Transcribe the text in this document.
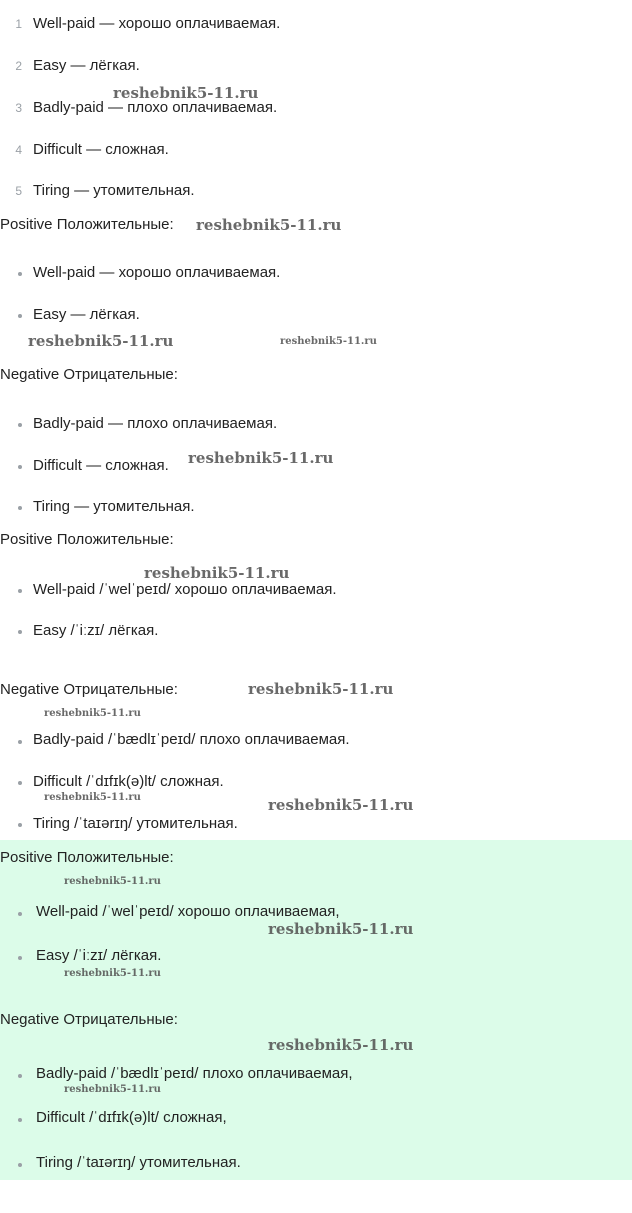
1 Well-paid — хорошо оплачиваемая.
2 Easy — лёгкая.
3 Badly-paid — плохо оплачиваемая.
4 Difficult — сложная.
5 Tiring — утомительная.
Positive Положительные:
Well-paid — хорошо оплачиваемая.
Easy — лёгкая.
Negative Отрицательные:
Badly-paid — плохо оплачиваемая.
Difficult — сложная.
Tiring — утомительная.
Positive Положительные:
Well-paid /ˈwelˈpeɪd/ хорошо оплачиваемая.
Easy /ˈiːzɪ/ лёгкая.
Negative Отрицательные:
Badly-paid /ˈbædlɪˈpeɪd/ плохо оплачиваемая.
Difficult /ˈdɪfɪk(ə)lt/ сложная.
Tiring /ˈtaɪərɪŋ/ утомительная.
Positive Положительные:
Well-paid /ˈwelˈpeɪd/ хорошо оплачиваемая,
Easy /ˈiːzɪ/ лёгкая.
Negative Отрицательные:
Badly-paid /ˈbædlɪˈpeɪd/ плохо оплачиваемая,
Difficult /ˈdɪfɪk(ə)lt/ сложная,
Tiring /ˈtaɪərɪŋ/ утомительная.
reshebnik5-11.ru
reshebnik5-11.ru
reshebnik5-11.ru	reshebnik5-11.ru
reshebnik5-11.ru
reshebnik5-11.ru
reshebnik5-11.ru
reshebnik5-11.ru
reshebnik5-11.ru	reshebnik5-11.ru
reshebnik5-11.ru
reshebnik5-11.ru
reshebnik5-11.ru
reshebnik5-11.ru
reshebnik5-11.ru
